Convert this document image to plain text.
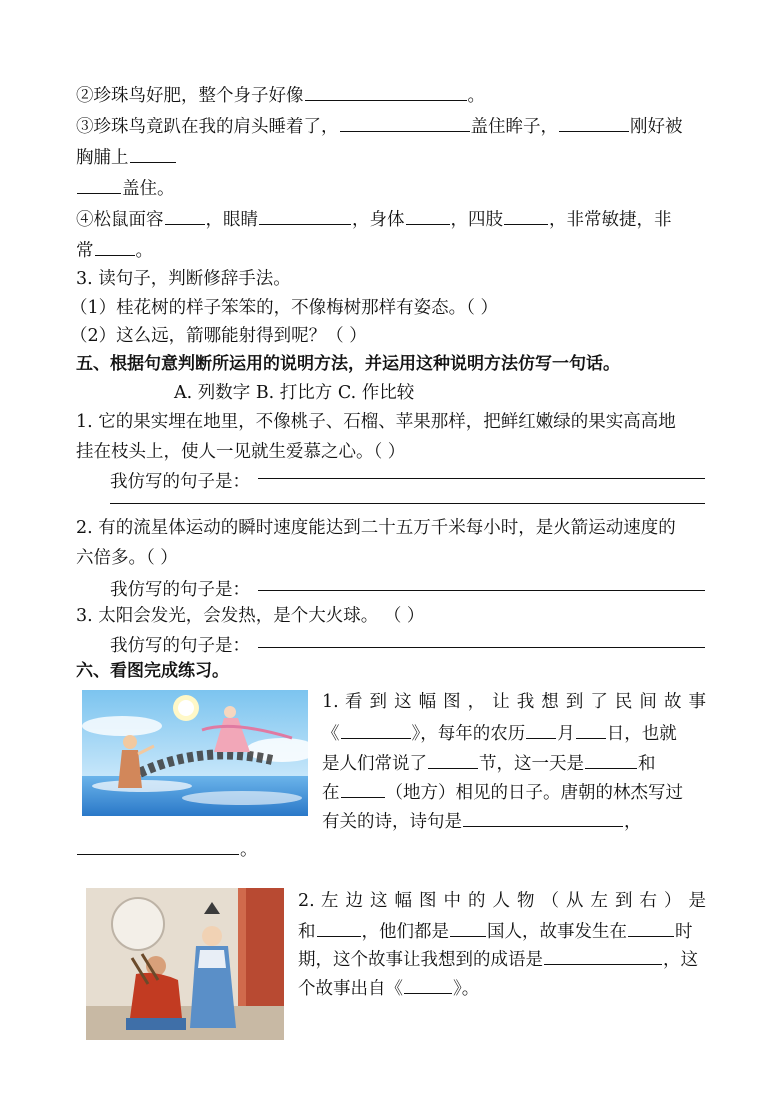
②珍珠鸟好肥，整个身子好像	。
③珍珠鸟竟趴在我的肩头睡着了，	盖住眸子，	刚好被
胸脯上
盖住。
④松鼠面容 ，眼睛	，身体	，四肢	，非常敏捷，非
常 。
3. 读句子，判断修辞手法。
（1）桂花树的样子笨笨的，不像梅树那样有姿态。（ ）
（2）这么远，箭哪能射得到呢？（ ）
五、根据句意判断所运用的说明方法，并运用这种说明方法仿写一句话。
A. 列数字 B. 打比方 C. 作比较
1. 它的果实埋在地里，不像桃子、石榴、苹果那样，把鲜红嫩绿的果实高高地
挂在枝头上，使人一见就生爱慕之心。（ ）
我仿写的句子是：
2. 有的流星体运动的瞬时速度能达到二十五万千米每小时，是火箭运动速度的
六倍多。（ ）
我仿写的句子是：
3. 太阳会发光，会发热，是个大火球。 （ ）
我仿写的句子是：
六、看图完成练习。
1. 看 到 这 幅 图 ， 让 我 想 到 了 民 间 故 事
《	》，每年的农历 月 日，也就
是人们常说了	节，这一天是	和
在	（地方）相见的日子。唐朝的林杰写过
有关的诗，诗句是	，
。
2. 左 边 这 幅 图 中 的 人 物 （ 从 左 到 右 ） 是
和	，他们都是 国人，故事发生在	时
期，这个故事让我想到的成语是	，这
个故事出自《	》。
